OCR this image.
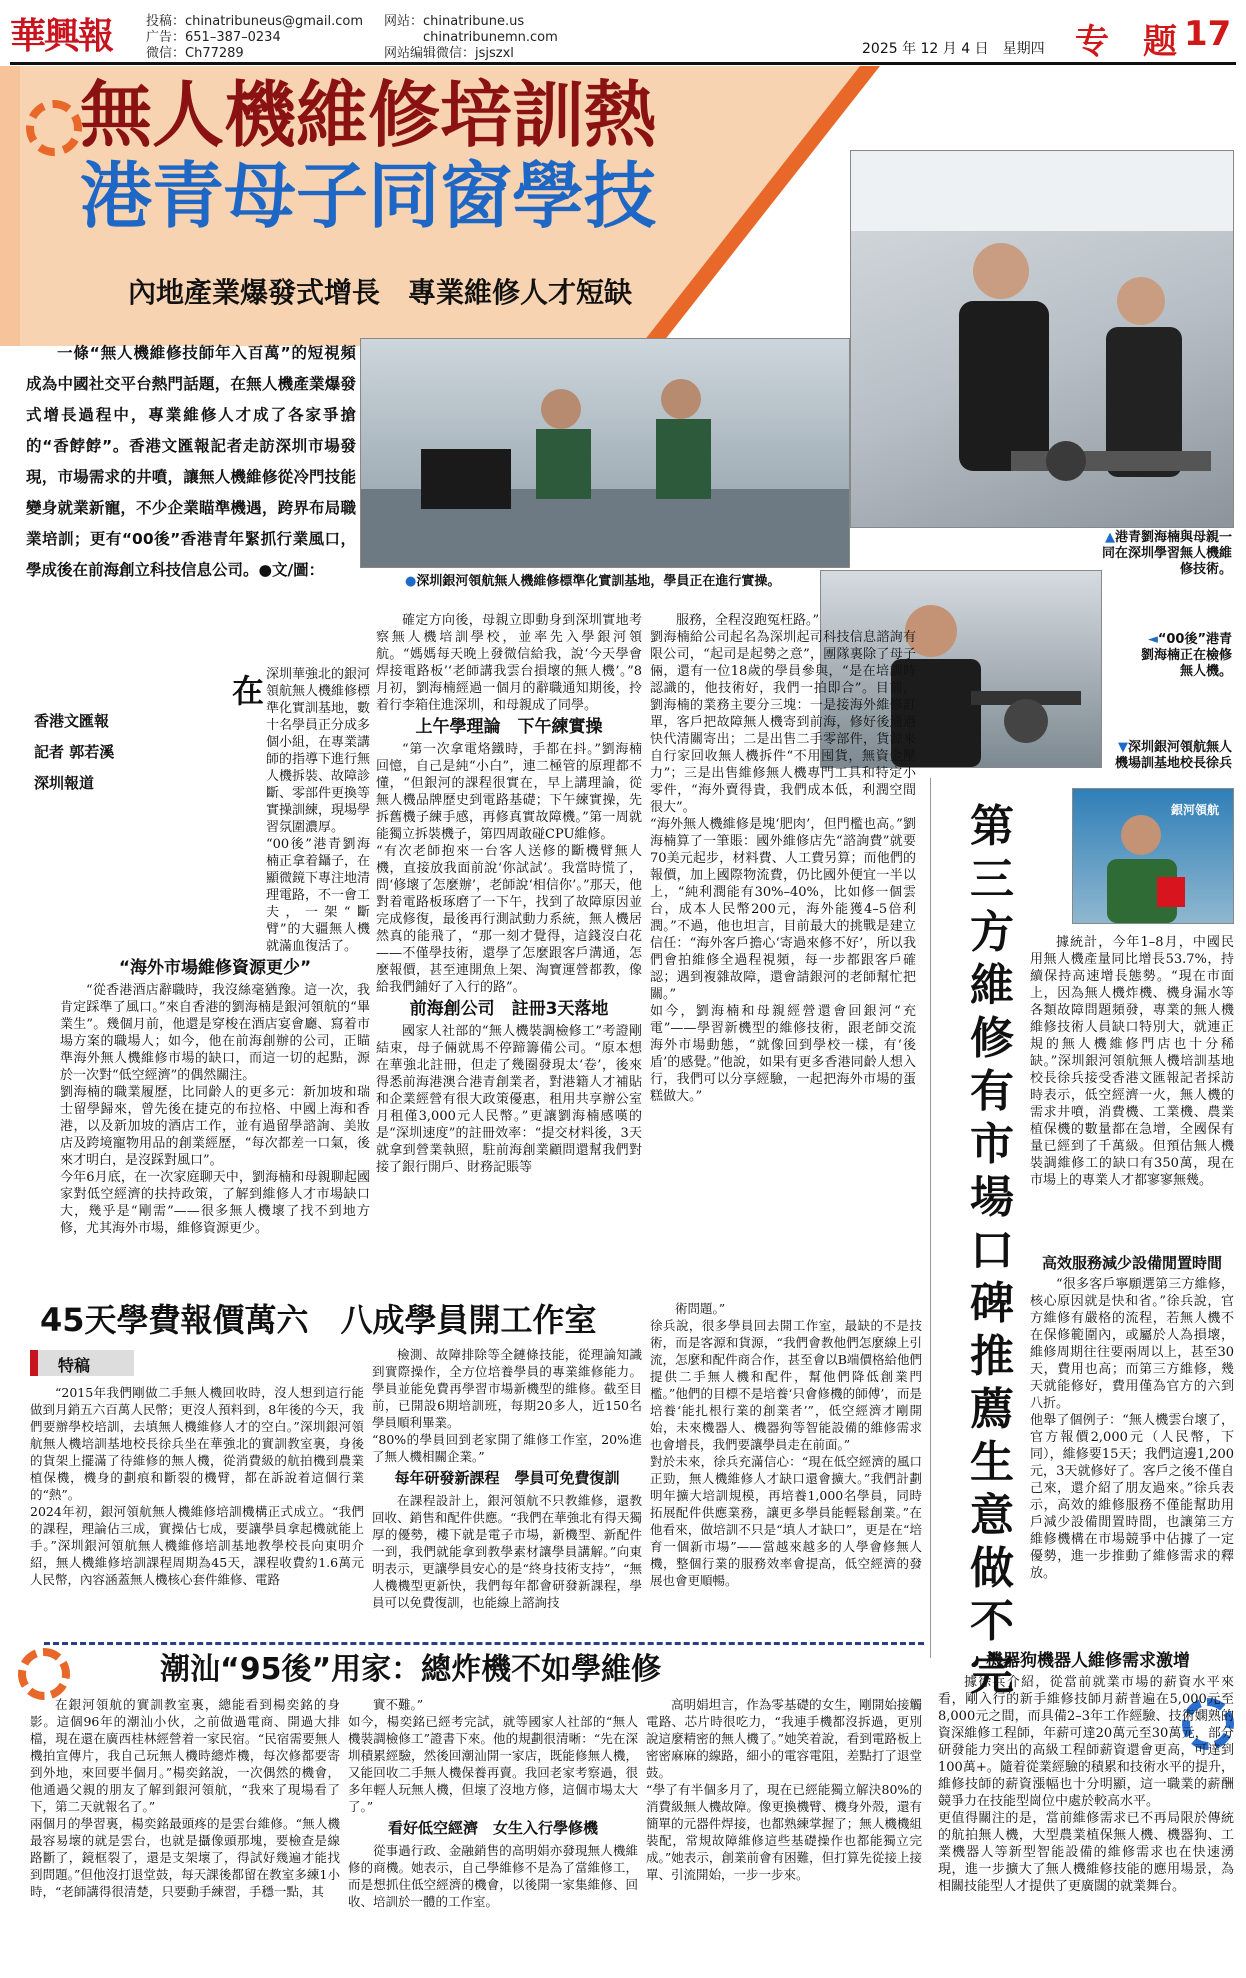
華興報	投稿：chinatribuneus@gmail.com
广告：651–387–0234
微信：Ch77289
网站：chinatribune.us
chinatribunemn.com
网站编辑微信：jsjszxl	2025 年 12 月 4 日　星期四 专　题 17
無人機維修培訓熱
港青母子同窗學技
內地產業爆發式增長　專業維修人才短缺
一條“無人機維修技師年入百萬”的短視頻成為中國社交平台熱門話題，在無人機產業爆發式增長過程中，專業維修人才成了各家爭搶的“香餑餑”。香港文匯報記者走訪深圳市場發現，市場需求的井噴，讓無人機維修從冷門技能變身就業新寵，不少企業瞄準機遇，跨界布局職業培訓；更有“00後”香港青年緊抓行業風口，學成後在前海創立科技信息公司。●文/圖：
香港文匯報
記者 郭若溪
深圳報道
銀河領航
▲港青劉海楠與母親一同在深圳學習無人機維修技術。
◄“00後”港青劉海楠正在檢修無人機。
▼深圳銀河領航無人機場訓基地校長徐兵
●深圳銀河領航無人機維修標準化實訓基地，學員正在進行實操。
在 深圳華強北的銀河領航無人機維修標準化實訓基地，數十名學員正分成多個小組，在專業講師的指導下進行無人機拆裝、故障診斷、零部件更換等實操訓練，現場學習氛圍濃厚。
“00後”港青劉海楠正拿着鑷子，在顯微鏡下專注地清理電路，不一會工夫，一架“斷臂”的大疆無人機就滿血復活了。

“海外市場維修資源更少”

“從香港酒店辭職時，我沒絲毫猶豫。這一次，我肯定踩準了風口。”來自香港的劉海楠是銀河領航的“畢業生”。幾個月前，他還是穿梭在酒店宴會廳、寫着市場方案的職場人；如今，他在前海創辦的公司，正瞄準海外無人機維修市場的缺口，而這一切的起點，源於一次對“低空經濟”的偶然關注。
劉海楠的職業履歷，比同齡人的更多元：新加坡和瑞士留學歸來，曾先後在捷克的布拉格、中國上海和香港，以及新加坡的酒店工作，並有過留學諮詢、美妝店及跨境寵物用品的創業經歷，“每次都差一口氣，後來才明白，是沒踩對風口”。
今年6月底，在一次家庭聊天中，劉海楠和母親聊起國家對低空經濟的扶持政策，了解到維修人才市場缺口大，幾乎是“剛需”——很多無人機壞了找不到地方修，尤其海外市場，維修資源更少。

確定方向後，母親立即動身到深圳實地考察無人機培訓學校，並率先入學銀河領航。“媽媽每天晚上發微信給我，說‘今天學會焊接電路板’‘老師講我雲台損壞的無人機’。”8月初，劉海楠經過一個月的辭職通知期後，拎着行李箱住進深圳，和母親成了同學。

上午學理論　下午練實操

“第一次拿電烙鐵時，手都在抖。”劉海楠回憶，自己是純“小白”，連二極管的原理都不懂，“但銀河的課程很實在，早上講理論，從無人機品牌歷史到電路基礎；下午練實操，先拆舊機子練手感，再修真實故障機。”第一周就能獨立拆裝機子，第四周敢碰CPU維修。
“有次老師抱來一台客人送修的斷機臂無人機，直接放我面前說‘你試試’。我當時慌了，問‘修壞了怎麼辦’，老師說‘相信你’。”那天，他對着電路板琢磨了一下午，找到了故障原因並完成修復，最後再行測試動力系統，無人機居然真的能飛了，“那一刻才覺得，這錢沒白花——不僅學技術，還學了怎麼跟客戶溝通，怎麼報價，甚至連開魚上架、淘寶運營都教，像給我們鋪好了入行的路”。

前海創公司　註冊3天落地

國家人社部的“無人機裝調檢修工”考證剛結束，母子倆就馬不停蹄籌備公司。“原本想在華強北註冊，但走了幾圈發現太‘卷’，後來得悉前海港澳合港青創業者，對港籍人才補貼和企業經營有很大政策優惠，租用共享辦公室月租僅3,000元人民幣。”更讓劉海楠感嘆的是“深圳速度”的註冊效率：“提交材料後，3天就拿到營業執照，駐前海創業顧問還幫我們對接了銀行開戶、財務記賬等

服務，全程沒跑冤枉路。”
劉海楠給公司起名為深圳起司科技信息諮詢有限公司，“起司是起勢之意”，團隊裏除了母子倆，還有一位18歲的學員參與，“是在培訓時認識的，他技術好，我們一拍即合”。目前，劉海楠的業務主要分三塊：一是接海外維修訂單，客戶把故障無人機寄到前海，修好後通過快代清關寄出；二是出售二手零部件，貨源來自行家回收無人機拆件“不用囤貨，無資金壓力”；三是出售維修無人機專門工具和特定小零件，“海外賣得貴，我們成本低，利潤空間很大”。
“海外無人機維修是塊‘肥肉’，但門檻也高。”劉海楠算了一筆賬：國外維修店先“諮詢費”就要70美元起步，材料費、人工費另算；而他們的報價，加上國際物流費，仍比國外便宜一半以上，“純利潤能有30%–40%，比如修一個雲台，成本人民幣200元，海外能獲4–5倍利潤。”不過，他也坦言，目前最大的挑戰是建立信任：“海外客戶擔心‘寄過來修不好’，所以我們會拍維修全過程視頻，每一步都跟客戶確認；遇到複雜故障，還會請銀河的老師幫忙把關。”
如今，劉海楠和母親經營還會回銀河“充電”——學習新機型的維修技術，跟老師交流海外市場動態，“就像回到學校一樣，有‘後盾’的感覺。”他說，如果有更多香港同齡人想入行，我們可以分享經驗，一起把海外市場的蛋糕做大。”

第三方維修有市場　口碑推薦生意做不完

據統計，今年1–8月，中國民用無人機產量同比增長53.7%，持續保持高速增長態勢。“現在市面上，因為無人機炸機、機身漏水等各類故障問題頻發，專業的無人機維修技術人員缺口特別大，就連正規的無人機維修門店也十分稀缺。”深圳銀河領航無人機培訓基地校長徐兵接受香港文匯報記者採訪時表示，低空經濟一火，無人機的需求井噴，消費機、工業機、農業植保機的數量都在急增，全國保有量已經到了千萬級。但預估無人機裝調維修工的缺口有350萬，現在市場上的專業人才都寥寥無幾。

高效服務減少設備閒置時間

“很多客戶寧願選第三方維修，核心原因就是快和省。”徐兵說，官方維修有嚴格的流程，若無人機不在保修範圍內，或屬於人為損壞，維修周期往往要兩周以上，甚至30天，費用也高；而第三方維修，幾天就能修好，費用僅為官方的六到八折。
他舉了個例子：“無人機雲台壞了，官方報價2,000元（人民幣，下同），維修要15天；我們這邊1,200元，3天就修好了。客戶之後不僅自己來，還介紹了朋友過來。”徐兵表示，高效的維修服務不僅能幫助用戶減少設備閒置時間，也讓第三方維修機構在市場競爭中佔據了一定優勢，進一步推動了維修需求的釋放。

機器狗機器人維修需求激增

據徐兵介紹，從當前就業市場的薪資水平來看，剛入行的新手維修技師月薪普遍在5,000元至8,000元之間，而具備2–3年工作經驗、技術嫻熟的資深維修工程師，年薪可達20萬元至30萬元，部分研發能力突出的高級工程師薪資還會更高，可達到100萬+。隨着從業經驗的積累和技術水平的提升，維修技師的薪資漲幅也十分明顯，這一職業的薪酬競爭力在技能型崗位中處於較高水平。
更值得關注的是，當前維修需求已不再局限於傳統的航拍無人機，大型農業植保無人機、機器狗、工業機器人等新型智能設備的維修需求也在快速湧現，進一步擴大了無人機維修技能的應用場景，為相關技能型人才提供了更廣闊的就業舞台。

45天學費報價萬六　八成學員開工作室
特稿

“2015年我們剛做二手無人機回收時，沒人想到這行能做到月銷五六百萬人民幣；更沒人預料到，8年後的今天，我們要辦學校培訓，去填無人機維修人才的空白。”深圳銀河領航無人機培訓基地校長徐兵坐在華強北的實訓教室裏，身後的貨架上擺滿了待維修的無人機，從消費級的航拍機到農業植保機，機身的劃痕和斷裂的機臂，都在訴說着這個行業的“熱”。
2024年初，銀河領航無人機維修培訓機構正式成立。“我們的課程，理論佔三成，實操佔七成，要讓學員拿起機就能上手。”深圳銀河領航無人機維修培訓基地教學校長向東明介紹，無人機維修培訓課程周期為45天，課程收費約1.6萬元人民幣，內容涵蓋無人機核心套件維修、電路

檢測、故障排除等全鏈條技能，從理論知識到實際操作，全方位培養學員的專業維修能力。學員並能免費再學習市場新機型的維修。截至目前，已開設6期培訓班，每期20多人，近150名學員順利畢業。
“80%的學員回到老家開了維修工作室，20%進了無人機相關企業。”

每年研發新課程　學員可免費復訓

在課程設計上，銀河領航不只教維修，還教回收、銷售和配件供應。“我們在華強北有得天獨厚的優勢，樓下就是電子市場，新機型、新配件一到，我們就能拿到教學素材讓學員講解。”向東明表示，更讓學員安心的是“終身技術支持”，“無人機機型更新快，我們每年都會研發新課程，學員可以免費復訓，也能線上諮詢技

術問題。”
徐兵說，很多學員回去開工作室，最缺的不是技術，而是客源和貨源，“我們會教他們怎麼線上引流，怎麼和配件商合作，甚至會以B端價格給他們提供二手無人機和配件，幫他們降低創業門檻。”他們的目標不是培養‘只會修機的師傅’，而是培養‘能扎根行業的創業者’”，低空經濟才剛開始，未來機器人、機器狗等智能設備的維修需求也會增長，我們要讓學員走在前面。”
對於未來，徐兵充滿信心：“現在低空經濟的風口正勁，無人機維修人才缺口還會擴大。”我們計劃明年擴大培訓規模，再培養1,000名學員，同時拓展配件供應業務，讓更多學員能輕鬆創業。”在他看來，做培訓不只是“填人才缺口”，更是在“培育一個新市場”——當越來越多的人學會修無人機，整個行業的服務效率會提高，低空經濟的發展也會更順暢。

潮汕“95後”用家：總炸機不如學維修

在銀河領航的實訓教室裏，總能看到楊奕銘的身影。這個96年的潮汕小伙，之前做過電商、開過大排檔，現在還在廣西桂林經營着一家民宿。“民宿需要無人機拍宣傳片，我自己玩無人機時總炸機，每次修都要寄到外地，來回要半個月。”楊奕銘說，一次偶然的機會，他通過父親的朋友了解到銀河領航，“我來了現場看了下，第二天就報名了。”
兩個月的學習裏，楊奕銘最頭疼的是雲台維修。“無人機最容易壞的就是雲台，也就是攝像頭那塊，要檢查是線路斷了，鏡框裂了，還是支架壞了，得試好幾遍才能找到問題。”但他沒打退堂鼓，每天課後都留在教室多練1小時，“老師講得很清楚，只要動手練習，手穩一點，其

實不難。”
如今，楊奕銘已經考完試，就等國家人社部的“無人機裝調檢修工”證書下來。他的規劃很清晰：“先在深圳積累經驗，然後回潮汕開一家店，既能修無人機，又能回收二手無人機保養再賣。我回老家考察過，很多年輕人玩無人機，但壞了沒地方修，這個市場太大了。”

看好低空經濟　女生入行學修機

從事過行政、金融銷售的高明娟亦發現無人機維修的商機。她表示，自己學維修不是為了當維修工，而是想抓住低空經濟的機會，以後開一家集維修、回收、培訓於一體的工作室。

高明娟坦言，作為零基礎的女生，剛開始接觸電路、芯片時很吃力，“我連手機都沒拆過，更別說這麼精密的無人機了。”她笑着說，看到電路板上密密麻麻的線路，細小的電容電阻，差點打了退堂鼓。
“學了有半個多月了，現在已經能獨立解決80%的消費級無人機故障。像更換機臂、機身外殼，還有簡單的元器件焊接，也都熟練掌握了；無人機機組裝配，常規故障維修這些基礎操作也都能獨立完成。”她表示，創業前會有困難，但打算先從接上接單、引流開始，一步一步來。
